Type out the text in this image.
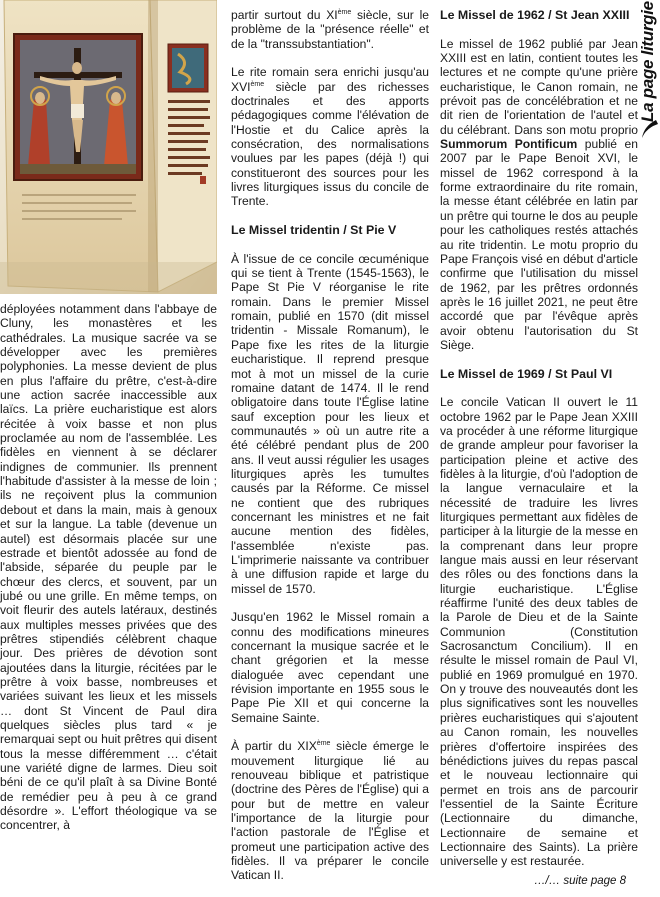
déployées notamment dans l'abbaye de Cluny, les monastères et les cathédrales. La musique sacrée va se développer avec les premières polyphonies. La messe devient de plus en plus l'affaire du prêtre, c'est-à-dire une action sacrée inaccessible aux laïcs. La prière eucharistique est alors récitée à voix basse et non plus proclamée au nom de l'assemblée. Les fidèles en viennent à se déclarer indignes de communier. Ils prennent l'habitude d'assister à la messe de loin ; ils ne reçoivent plus la communion debout et dans la main, mais à genoux et sur la langue. La table (devenue un autel) est désormais placée sur une estrade et bientôt adossée au fond de l'abside, séparée du peuple par le chœur des clercs, et souvent, par un jubé ou une grille. En même temps, on voit fleurir des autels latéraux, destinés aux multiples messes privées que des prêtres stipendiés célèbrent chaque jour. Des prières de dévotion sont ajoutées dans la liturgie, récitées par le prêtre à voix basse, nombreuses et variées suivant les lieux et les missels … dont St Vincent de Paul dira quelques siècles plus tard « je remarquai sept ou huit prêtres qui disent tous la messe différemment … c'était une variété digne de larmes. Dieu soit béni de ce qu'il plaît à sa Divine Bonté de remédier peu à peu à ce grand désordre ». L'effort théologique va se concentrer, à

partir surtout du XIème siècle, sur le problème de la "présence réelle" et de la "transsubstantiation".

Le rite romain sera enrichi jusqu'au XVIème siècle par des richesses doctrinales et des apports pédagogiques comme l'élévation de l'Hostie et du Calice après la consécration, des normalisations voulues par les papes (déjà !) qui constitueront des sources pour les livres liturgiques issus du concile de Trente.

Le Missel tridentin / St Pie V

À l'issue de ce concile œcuménique qui se tient à Trente (1545-1563), le Pape St Pie V réorganise le rite romain. Dans le premier Missel romain, publié en 1570 (dit missel tridentin - Missale Romanum), le Pape fixe les rites de la liturgie eucharistique. Il reprend presque mot à mot un missel de la curie romaine datant de 1474. Il le rend obligatoire dans toute l'Église latine sauf exception pour les lieux et communautés » où un autre rite a été célébré pendant plus de 200 ans. Il veut aussi régulier les usages liturgiques après les tumultes causés par la Réforme. Ce missel ne contient que des rubriques concernant les ministres et ne fait aucune mention des fidèles, l'assemblée n'existe pas. L'imprimerie naissante va contribuer à une diffusion rapide et large du missel de 1570.

Jusqu'en 1962 le Missel romain a connu des modifications mineures concernant la musique sacrée et le chant grégorien et la messe dialoguée avec cependant une révision importante en 1955 sous le Pape Pie XII et qui concerne la Semaine Sainte.

À partir du XIXème siècle émerge le mouvement liturgique lié au renouveau biblique et patristique (doctrine des Pères de l'Église) qui a pour but de mettre en valeur l'importance de la liturgie pour l'action pastorale de l'Église et promeut une participation active des fidèles. Il va préparer le concile Vatican II.

Le Missel de 1962 / St Jean XXIII

Le missel de 1962 publié par Jean XXIII est en latin, contient toutes les lectures et ne compte qu'une prière eucharistique, le Canon romain, ne prévoit pas de concélébration et ne dit rien de l'orientation de l'autel et du célébrant. Dans son motu proprio Summorum Pontificum publié en 2007 par le Pape Benoit XVI, le missel de 1962 correspond à la forme extraordinaire du rite romain, la messe étant célébrée en latin par un prêtre qui tourne le dos au peuple pour les catholiques restés attachés au rite tridentin. Le motu proprio du Pape François visé en début d'article confirme que l'utilisation du missel de 1962, par les prêtres ordonnés après le 16 juillet 2021, ne peut être accordé que par l'évêque après avoir obtenu l'autorisation du St Siège.

Le Missel de 1969 / St Paul VI

Le concile Vatican II ouvert le 11 octobre 1962 par le Pape Jean XXIII va procéder à une réforme liturgique de grande ampleur pour favoriser la participation pleine et active des fidèles à la liturgie, d'où l'adoption de la langue vernaculaire et la nécessité de traduire les livres liturgiques permettant aux fidèles de participer à la liturgie de la messe en la comprenant dans leur propre langue mais aussi en leur réservant des rôles ou des fonctions dans la liturgie eucharistique. L'Église réaffirme l'unité des deux tables de la Parole de Dieu et de la Sainte Communion (Constitution Sacrosanctum Concilium). Il en résulte le missel romain de Paul VI, publié en 1969 promulgué en 1970. On y trouve des nouveautés dont les plus significatives sont les nouvelles prières eucharistiques qui s'ajoutent au Canon romain, les nouvelles prières d'offertoire inspirées des bénédictions juives du repas pascal et le nouveau lectionnaire qui permet en trois ans de parcourir l'essentiel de la Sainte Écriture (Lectionnaire du dimanche, Lectionnaire de semaine et Lectionnaire des Saints). La prière universelle y est restaurée.

La page liturgie
…/… suite page 8
